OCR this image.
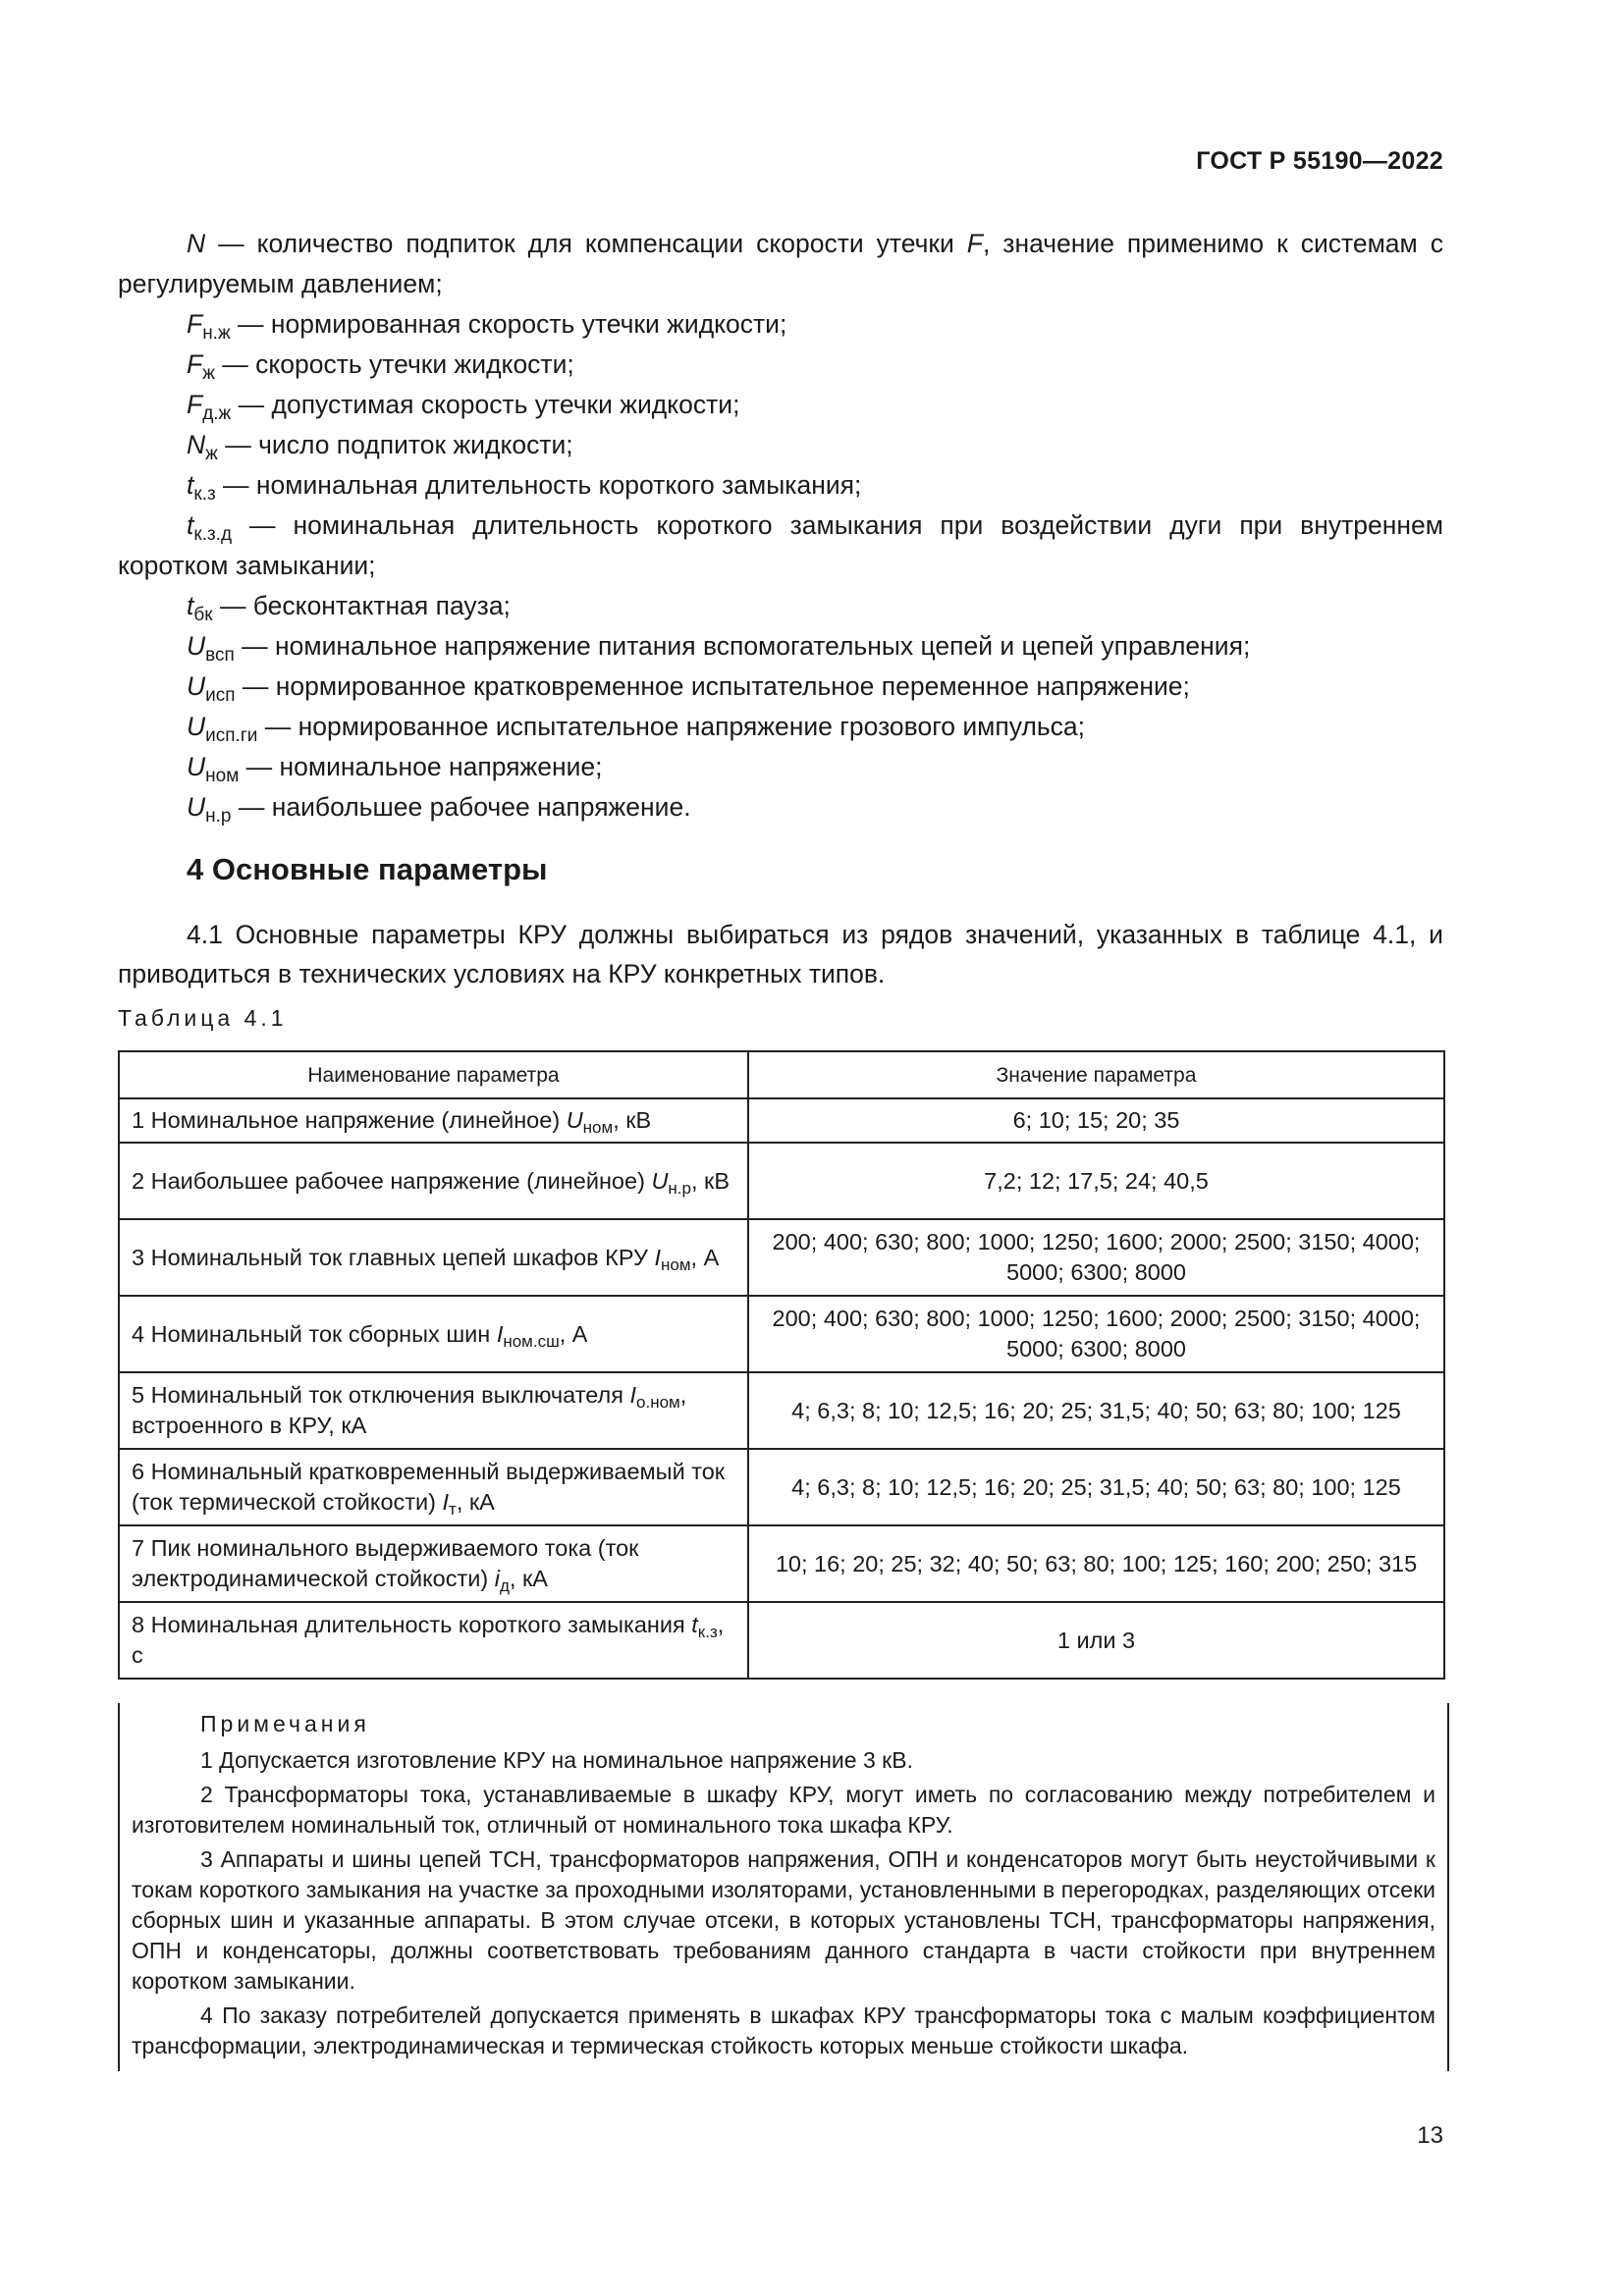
ГОСТ Р 55190—2022

N — количество подпиток для компенсации скорости утечки F, значение применимо к системам с регулируемым давлением;

$F_{н.ж}$ — нормированная скорость утечки жидкости;

$F_ж$ — скорость утечки жидкости;

$F_{д.ж}$ — допустимая скорость утечки жидкости;

$N_ж$ — число подпиток жидкости;

$t_{к.з}$ — номинальная длительность короткого замыкания;

$t_{к.з.д}$ — номинальная длительность короткого замыкания при воздействии дуги при внутреннем коротком замыкании;

$t_{бк}$ — бесконтактная пауза;

$U_{всп}$ — номинальное напряжение питания вспомогательных цепей и цепей управления;

$U_{исп}$ — нормированное кратковременное испытательное переменное напряжение;

$U_{исп.ги}$ — нормированное испытательное напряжение грозового импульса;

$U_{ном}$ — номинальное напряжение;

$U_{н.р}$ — наибольшее рабочее напряжение.

4 Основные параметры
4.1 Основные параметры КРУ должны выбираться из рядов значений, указанных в таблице 4.1, и приводиться в технических условиях на КРУ конкретных типов.
Таблица 4.1
Наименование параметра	Значение параметра
1 Номинальное напряжение (линейное) $U_{ном}$, кВ	6; 10; 15; 20; 35
2 Наибольшее рабочее напряжение (линейное) $U_{н.р}$, кВ	7,2; 12; 17,5; 24; 40,5
3 Номинальный ток главных цепей шкафов КРУ $I_{ном}$, А	200; 400; 630; 800; 1000; 1250; 1600; 2000; 2500; 3150; 4000; 5000; 6300; 8000
4 Номинальный ток сборных шин $I_{ном.сш}$, А	200; 400; 630; 800; 1000; 1250; 1600; 2000; 2500; 3150; 4000; 5000; 6300; 8000
5 Номинальный ток отключения выключателя $I_{о.ном}$, встроенного в КРУ, кА	4; 6,3; 8; 10; 12,5; 16; 20; 25; 31,5; 40; 50; 63; 80; 100; 125
6 Номинальный кратковременный выдерживаемый ток (ток термической стойкости) $I_т$, кА	4; 6,3; 8; 10; 12,5; 16; 20; 25; 31,5; 40; 50; 63; 80; 100; 125
7 Пик номинального выдерживаемого тока (ток электродинамической стойкости) $i_д$, кА	10; 16; 20; 25; 32; 40; 50; 63; 80; 100; 125; 160; 200; 250; 315
8 Номинальная длительность короткого замыкания $t_{к.з}$, с	1 или 3

Примечания

1 Допускается изготовление КРУ на номинальное напряжение 3 кВ.

2 Трансформаторы тока, устанавливаемые в шкафу КРУ, могут иметь по согласованию между потребителем и изготовителем номинальный ток, отличный от номинального тока шкафа КРУ.

3 Аппараты и шины цепей ТСН, трансформаторов напряжения, ОПН и конденсаторов могут быть неустойчивыми к токам короткого замыкания на участке за проходными изоляторами, установленными в перегородках, разделяющих отсеки сборных шин и указанные аппараты. В этом случае отсеки, в которых установлены ТСН, трансформаторы напряжения, ОПН и конденсаторы, должны соответствовать требованиям данного стандарта в части стойкости при внутреннем коротком замыкании.

4 По заказу потребителей допускается применять в шкафах КРУ трансформаторы тока с малым коэффициентом трансформации, электродинамическая и термическая стойкость которых меньше стойкости шкафа.

13
